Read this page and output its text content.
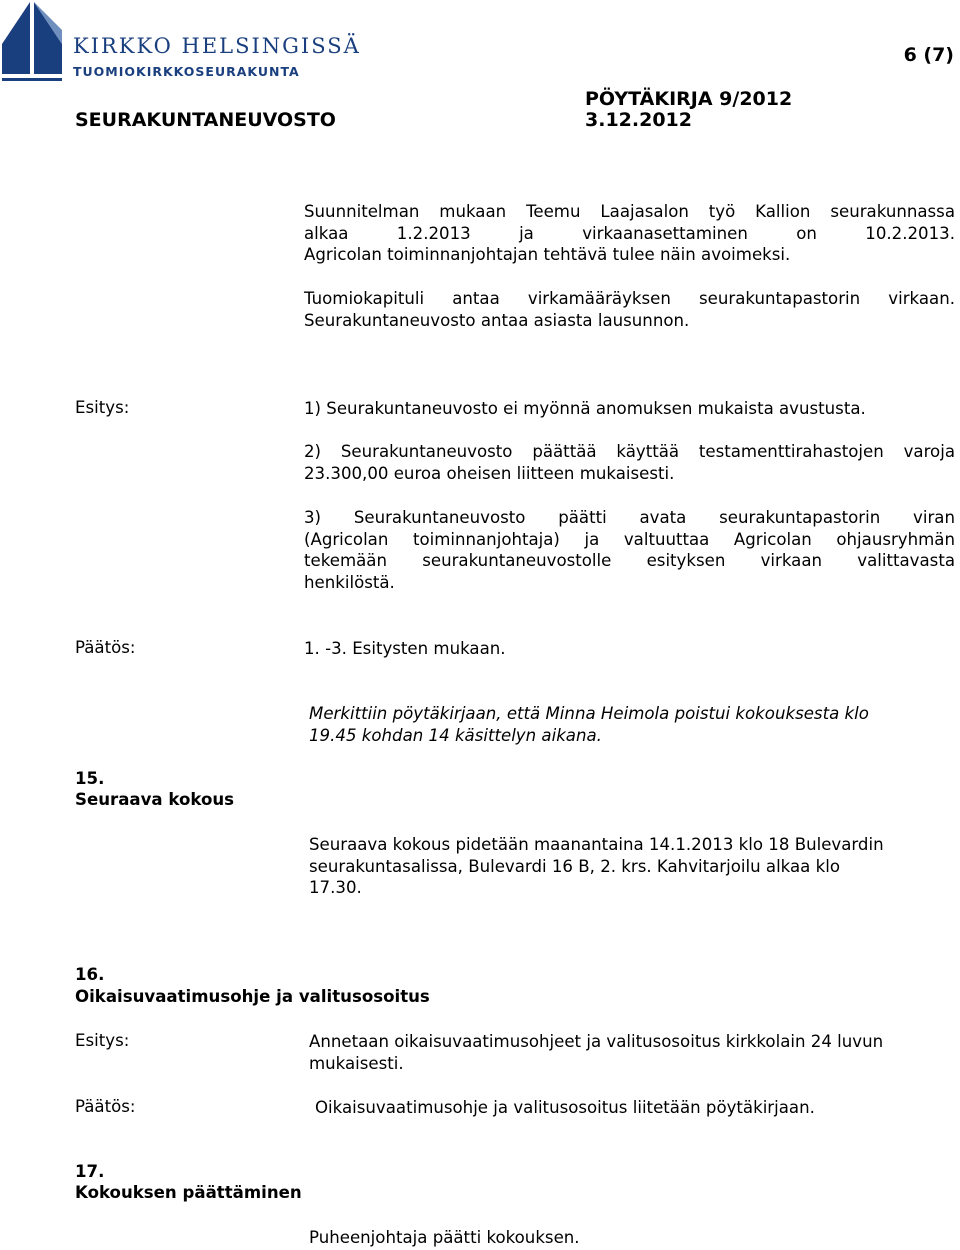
KIRKKO HELSINGISSÄ
TUOMIOKIRKKOSEURAKUNTA
6 (7)
SEURAKUNTANEUVOSTO
PÖYTÄKIRJA 9/2012
3.12.2012
Suunnitelman mukaan Teemu Laajasalon työ Kallion seurakunnassa
alkaa 1.2.2013 ja virkaanasettaminen on 10.2.2013.
Agricolan toiminnanjohtajan tehtävä tulee näin avoimeksi.
Tuomiokapituli antaa virkamääräyksen seurakuntapastorin virkaan.
Seurakuntaneuvosto antaa asiasta lausunnon.
Esitys:	1) Seurakuntaneuvosto ei myönnä anomuksen mukaista avustusta.
2) Seurakuntaneuvosto päättää käyttää testamenttirahastojen varoja
23.300,00 euroa oheisen liitteen mukaisesti.
3) Seurakuntaneuvosto päätti avata seurakuntapastorin viran
(Agricolan toiminnanjohtaja) ja valtuuttaa Agricolan ohjausryhmän
tekemään seurakuntaneuvostolle esityksen virkaan valittavasta
henkilöstä.
Päätös:	1. -3. Esitysten mukaan.
Merkittiin pöytäkirjaan, että Minna Heimola poistui kokouksesta klo
19.45 kohdan 14 käsittelyn aikana.
15.
Seuraava kokous
Seuraava kokous pidetään maanantaina 14.1.2013 klo 18 Bulevardin
seurakuntasalissa, Bulevardi 16 B, 2. krs. Kahvitarjoilu alkaa klo
17.30.
16.
Oikaisuvaatimusohje ja valitusosoitus
Esitys:	Annetaan oikaisuvaatimusohjeet ja valitusosoitus kirkkolain 24 luvun
mukaisesti.
Päätös:	Oikaisuvaatimusohje ja valitusosoitus liitetään pöytäkirjaan.
17.
Kokouksen päättäminen
Puheenjohtaja päätti kokouksen.
